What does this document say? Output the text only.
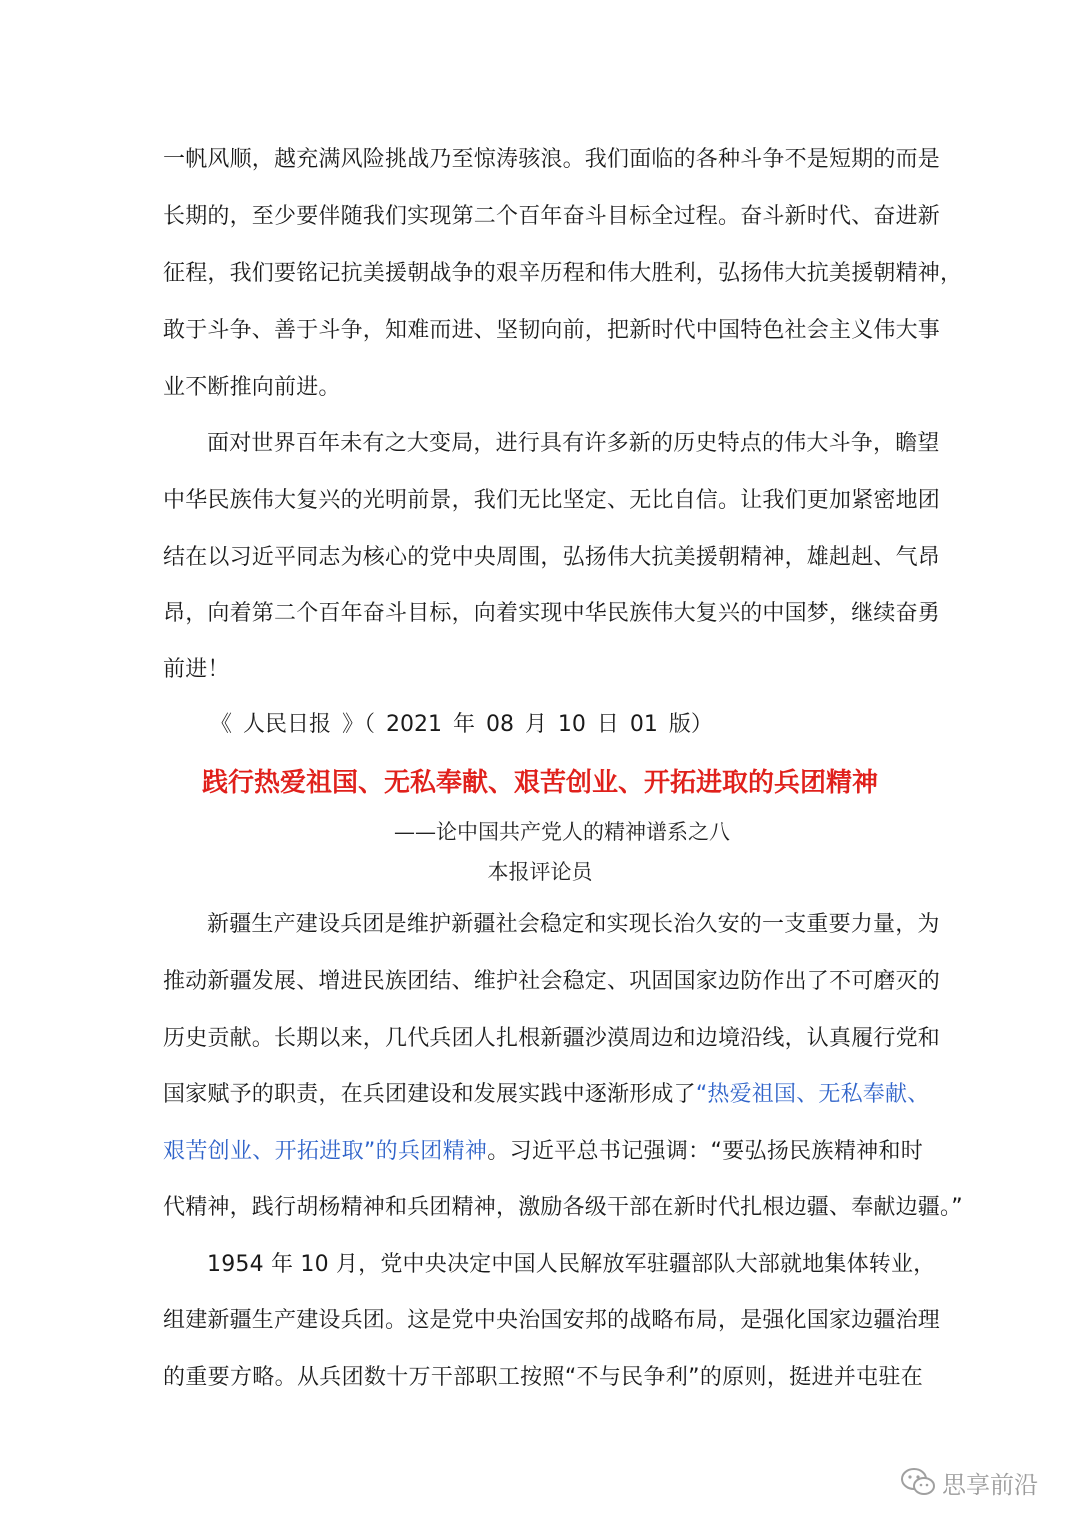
一帆风顺，越充满风险挑战乃至惊涛骇浪。我们面临的各种斗争不是短期的而是
长期的，至少要伴随我们实现第二个百年奋斗目标全过程。奋斗新时代、奋进新
征程，我们要铭记抗美援朝战争的艰辛历程和伟大胜利，弘扬伟大抗美援朝精神，
敢于斗争、善于斗争，知难而进、坚韧向前，把新时代中国特色社会主义伟大事
业不断推向前进。
面对世界百年未有之大变局，进行具有许多新的历史特点的伟大斗争，瞻望
中华民族伟大复兴的光明前景，我们无比坚定、无比自信。让我们更加紧密地团
结在以习近平同志为核心的党中央周围，弘扬伟大抗美援朝精神，雄赳赳、气昂
昂，向着第二个百年奋斗目标，向着实现中华民族伟大复兴的中国梦，继续奋勇
前进！
《 人民日报 》（ 2021 年 08 月 10 日 01 版）
践行热爱祖国、无私奉献、艰苦创业、开拓进取的兵团精神
——论中国共产党人的精神谱系之八
本报评论员
新疆生产建设兵团是维护新疆社会稳定和实现长治久安的一支重要力量，为
推动新疆发展、增进民族团结、维护社会稳定、巩固国家边防作出了不可磨灭的
历史贡献。长期以来，几代兵团人扎根新疆沙漠周边和边境沿线，认真履行党和
国家赋予的职责，在兵团建设和发展实践中逐渐形成了“热爱祖国、无私奉献、
艰苦创业、开拓进取”的兵团精神。习近平总书记强调：“要弘扬民族精神和时
代精神，践行胡杨精神和兵团精神，激励各级干部在新时代扎根边疆、奉献边疆。”
1954 年 10 月，党中央决定中国人民解放军驻疆部队大部就地集体转业，
组建新疆生产建设兵团。这是党中央治国安邦的战略布局，是强化国家边疆治理
的重要方略。从兵团数十万干部职工按照“不与民争利”的原则，挺进并屯驻在
思享前沿
